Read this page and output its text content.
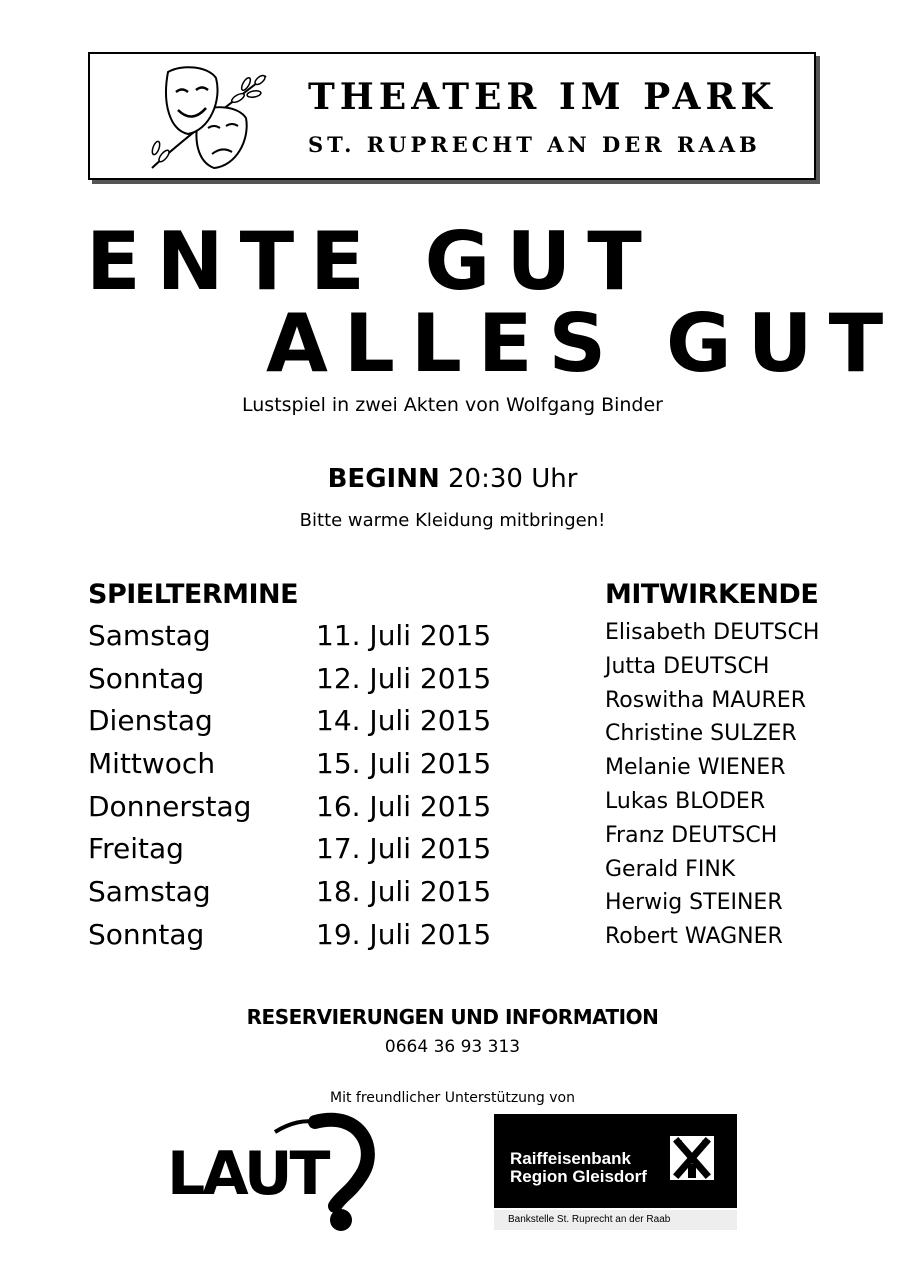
THEATER IM PARK
ST. RUPRECHT AN DER RAAB
ENTE GUT
ALLES GUT
Lustspiel in zwei Akten von Wolfgang Binder
BEGINN 20:30 Uhr
Bitte warme Kleidung mitbringen!
SPIELTERMINE
Samstag	11. Juli 2015
Sonntag	12. Juli 2015
Dienstag	14. Juli 2015
Mittwoch	15. Juli 2015
Donnerstag 16. Juli 2015
Freitag	17. Juli 2015
Samstag	18. Juli 2015
Sonntag	19. Juli 2015
MITWIRKENDE
Elisabeth DEUTSCH
Jutta DEUTSCH
Roswitha MAURER
Christine SULZER
Melanie WIENER
Lukas BLODER
Franz DEUTSCH
Gerald FINK
Herwig STEINER
Robert WAGNER
RESERVIERUNGEN UND INFORMATION
0664 36 93 313
Mit freundlicher Unterstützung von
LAUT	Raiffeisenbank
Region Gleisdorf
Bankstelle St. Ruprecht an der Raab
